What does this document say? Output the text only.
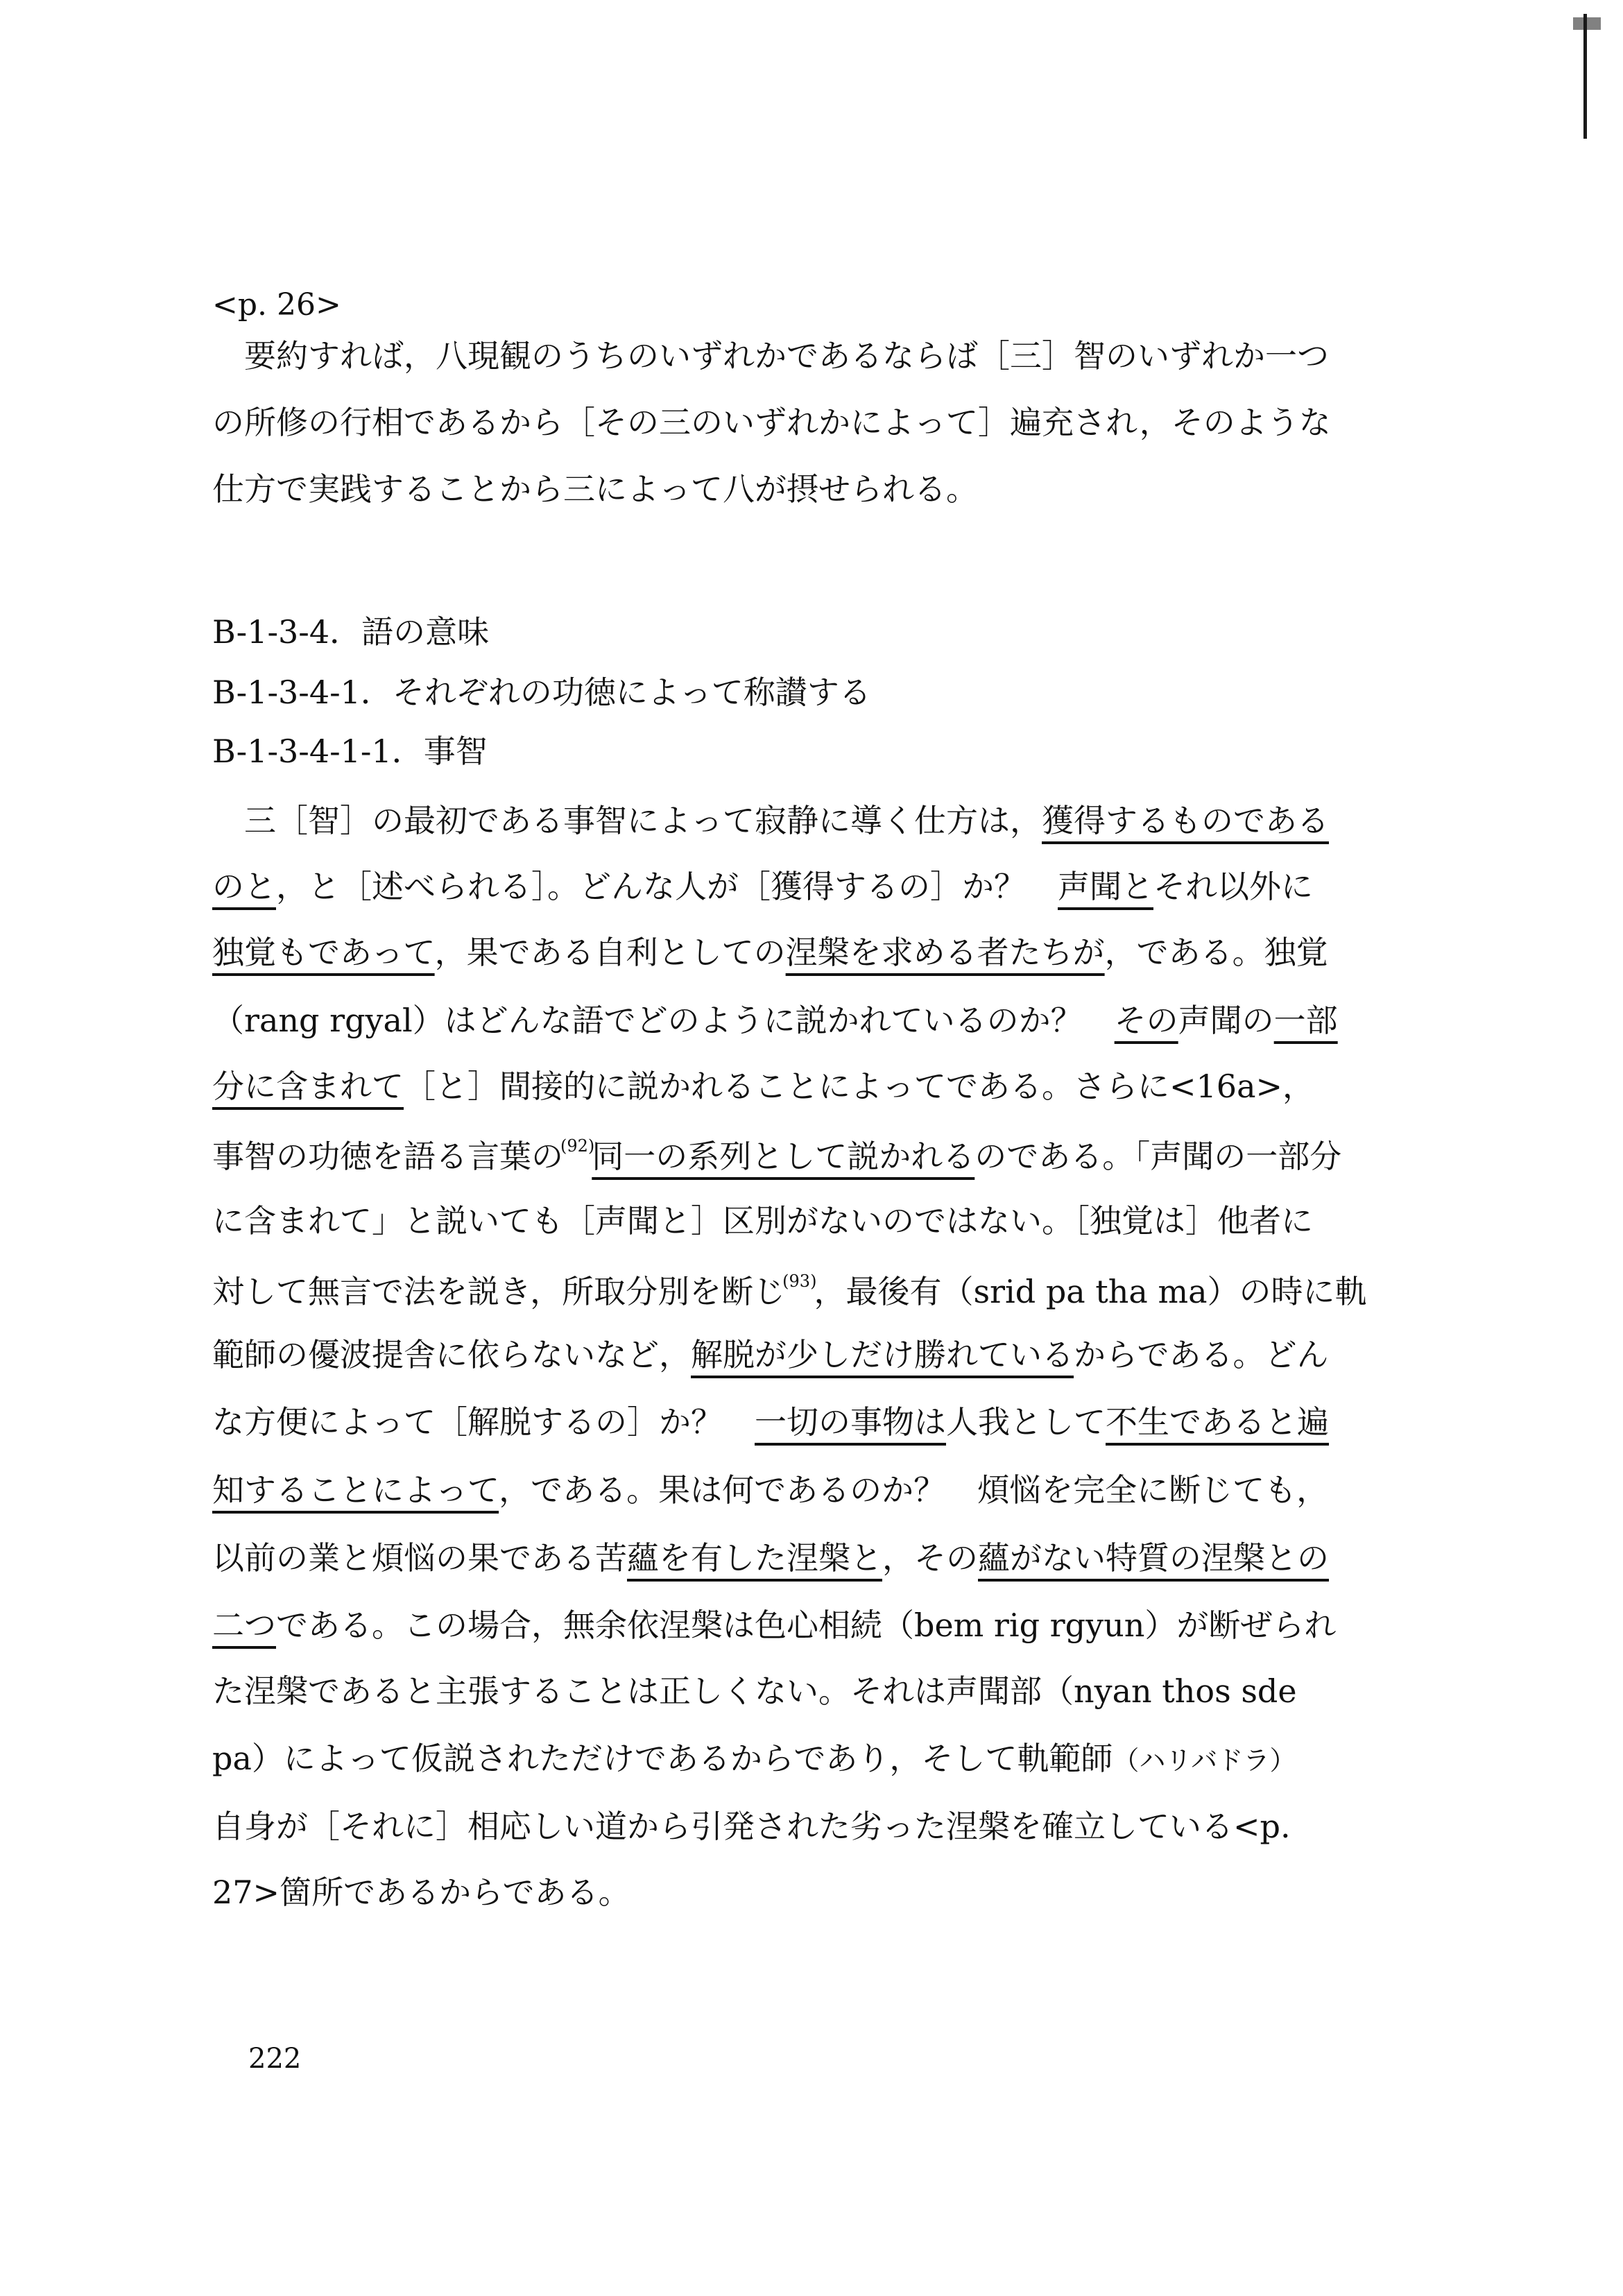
<p. 26>
　要約すれば，八現観のうちのいずれかであるならば［三］智のいずれか一つ
の所修の行相であるから［その三のいずれかによって］遍充され，そのような
仕方で実践することから三によって八が摂せられる。
B-1-3-4．語の意味
B-1-3-4-1．それぞれの功徳によって称讃する
B-1-3-4-1-1．事智
　三［智］の最初である事智によって寂静に導く仕方は，獲得するものである
のと，と［述べられる］。どんな人が［獲得するの］か？　声聞とそれ以外に
独覚もであって，果である自利としての涅槃を求める者たちが，である。独覚
（rang rgyal）はどんな語でどのように説かれているのか？　その声聞の一部
分に含まれて［と］間接的に説かれることによってである。さらに<16a>，
事智の功徳を語る言葉の$^{(92)}$同一の系列として説かれるのである。「声聞の一部分
に含まれて」と説いても［声聞と］区別がないのではない。［独覚は］他者に
対して無言で法を説き，所取分別を断じ$^{(93)}$，最後有（srid pa tha ma）の時に軌
範師の優波提舎に依らないなど，解脱が少しだけ勝れているからである。どん
な方便によって［解脱するの］か？　一切の事物は人我として不生であると遍
知することによって，である。果は何であるのか？　煩悩を完全に断じても，
以前の業と煩悩の果である苦蘊を有した涅槃と，その蘊がない特質の涅槃との
二つである。この場合，無余依涅槃は色心相続（bem rig rgyun）が断ぜられ
た涅槃であると主張することは正しくない。それは声聞部（nyan thos sde
pa）によって仮説されただけであるからであり，そして軌範師（ハリバドラ）
自身が［それに］相応しい道から引発された劣った涅槃を確立している<p.
27>箇所であるからである。
222
